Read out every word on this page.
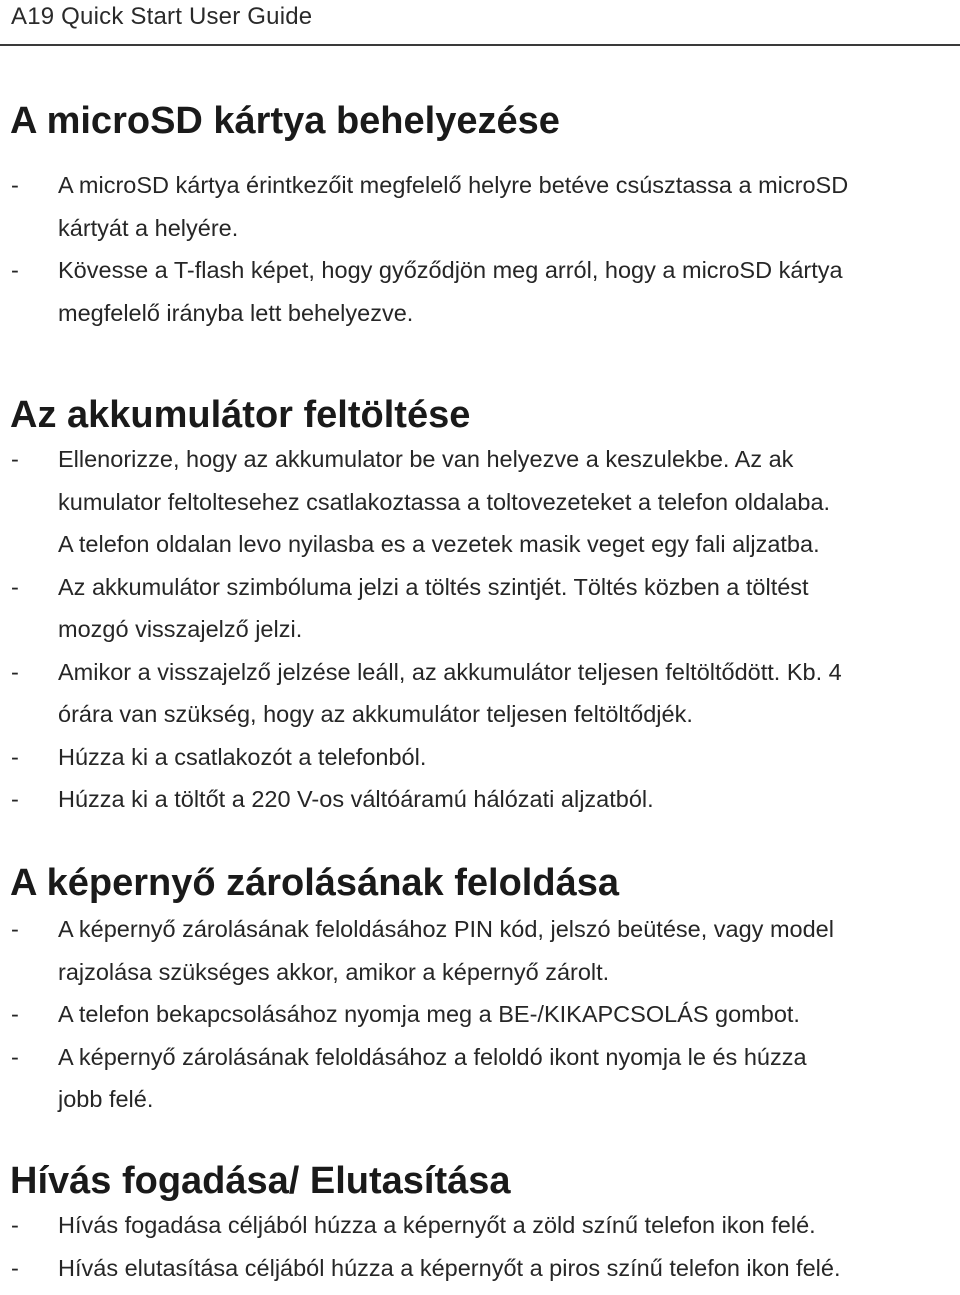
A19 Quick Start User Guide
A microSD kártya behelyezése
- A microSD kártya érintkezőit megfelelő helyre betéve csúsztassa a microSD
kártyát a helyére.
- Kövesse a T-flash képet, hogy győződjön meg arról, hogy a microSD kártya
megfelelő irányba lett behelyezve.
Az akkumulátor feltöltése
- Ellenorizze, hogy az akkumulator be van helyezve a keszulekbe. Az ak
kumulator feltoltesehez csatlakoztassa a toltovezeteket a telefon oldalaba.
A telefon oldalan levo nyilasba es a vezetek masik veget egy fali aljzatba.
- Az akkumulátor szimbóluma jelzi a töltés szintjét. Töltés közben a töltést
mozgó visszajelző jelzi.
- Amikor a visszajelző jelzése leáll, az akkumulátor teljesen feltöltődött. Kb. 4
órára van szükség, hogy az akkumulátor teljesen feltöltődjék.
- Húzza ki a csatlakozót a telefonból.
- Húzza ki a töltőt a 220 V-os váltóáramú hálózati aljzatból.
A képernyő zárolásának feloldása
- A képernyő zárolásának feloldásához PIN kód, jelszó beütése, vagy model
rajzolása szükséges akkor, amikor a képernyő zárolt.
- A telefon bekapcsolásához nyomja meg a BE-/KIKAPCSOLÁS gombot.
- A képernyő zárolásának feloldásához a feloldó ikont nyomja le és húzza
jobb felé.
Hívás fogadása/ Elutasítása
- Hívás fogadása céljából húzza a képernyőt a zöld színű telefon ikon felé.
- Hívás elutasítása céljából húzza a képernyőt a piros színű telefon ikon felé.
